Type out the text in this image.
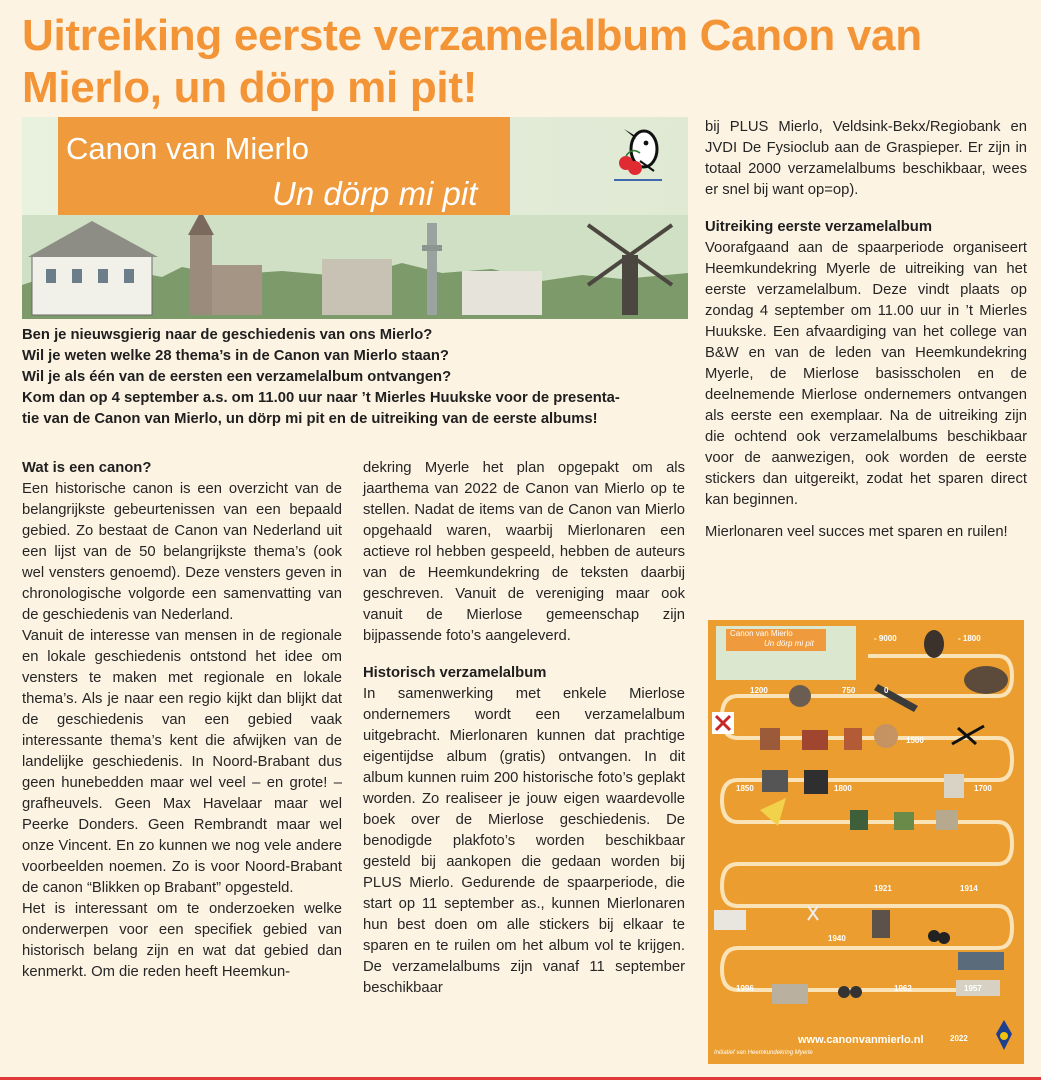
Uitreiking eerste verzamelalbum Canon van
Mierlo, un dörp mi pit!
Canon van Mierlo
Un dörp mi pit

Ben je nieuwsgierig naar de geschiedenis van ons Mierlo?

Wil je weten welke 28 thema’s in de Canon van Mierlo staan?

Wil je als één van de eersten een verzamelalbum ontvangen?

Kom dan op 4 september a.s. om 11.00 uur naar ’t Mierles Huukske voor de presenta-

tie van de Canon van Mierlo, un dörp mi pit en de uitreiking van de eerste albums!

Wat is een canon?

Een historische canon is een overzicht van de belangrijkste gebeurtenissen van een bepaald gebied. Zo bestaat de Canon van Nederland uit een lijst van de 50 belangrijkste thema’s (ook wel vensters genoemd). Deze vensters geven in chronologische volgorde een samenvatting van de geschiedenis van Nederland.

Vanuit de interesse van mensen in de regionale en lokale geschiedenis ontstond het idee om vensters te maken met regionale en lokale thema’s. Als je naar een regio kijkt dan blijkt dat de geschiedenis van een gebied vaak interessante thema’s kent die afwijken van de landelijke geschiedenis. In Noord-Brabant dus geen hunebedden maar wel veel – en grote! – grafheuvels. Geen Max Havelaar maar wel Peerke Donders. Geen Rembrandt maar wel onze Vincent. En zo kunnen we nog vele andere voorbeelden noemen. Zo is voor Noord-Brabant de canon “Blikken op Brabant” opgesteld.

Het is interessant om te onderzoeken welke onderwerpen voor een specifiek gebied van historisch belang zijn en wat dat gebied dan kenmerkt. Om die reden heeft Heemkun-

dekring Myerle het plan opgepakt om als jaarthema van 2022 de Canon van Mierlo op te stellen. Nadat de items van de Canon van Mierlo opgehaald waren, waarbij Mierlonaren een actieve rol hebben gespeeld, hebben de auteurs van de Heemkundekring de teksten daarbij geschreven. Vanuit de vereniging maar ook vanuit de Mierlose gemeenschap zijn bijpassende foto’s aangeleverd.

Historisch verzamelalbum

In samenwerking met enkele Mierlose ondernemers wordt een verzamelalbum uitgebracht. Mierlonaren kunnen dat prachtige eigentijdse album (gratis) ontvangen. In dit album kunnen ruim 200 historische foto’s geplakt worden. Zo realiseer je jouw eigen waardevolle boek over de Mierlose geschiedenis. De benodigde plakfoto’s worden beschikbaar gesteld bij aankopen die gedaan worden bij PLUS Mierlo. Gedurende de spaarperiode, die start op 11 september as., kunnen Mierlonaren hun best doen om alle stickers bij elkaar te sparen en te ruilen om het album vol te krijgen. De verzamelalbums zijn vanaf 11 september beschikbaar

bij PLUS Mierlo, Veldsink-Bekx/Regiobank en JVDI De Fysioclub aan de Graspieper. Er zijn in totaal 2000 verzamelalbums beschikbaar, wees er snel bij want op=op).

Uitreiking eerste verzamelalbum

Voorafgaand aan de spaarperiode organiseert Heemkundekring Myerle de uitreiking van het eerste verzamelalbum. Deze vindt plaats op zondag 4 september om 11.00 uur in ’t Mierles Huukske. Een afvaardiging van het college van B&W en van de leden van Heemkundekring Myerle, de Mierlose basisscholen en de deelnemende Mierlose ondernemers ontvangen als eerste een exemplaar. Na de uitreiking zijn die ochtend ook verzamelalbums beschikbaar voor de aanwezigen, ook worden de eerste stickers dan uitgereikt, zodat het sparen direct kan beginnen.

Mierlonaren veel succes met sparen en ruilen!

Canon van Mierlo
Un dörp mi pit
- 9000	- 1800
1200	750	0
1500
1850	1800	1700
1921	1914
1940
1996	1962	1957
2022
www.canonvanmierlo.nl
Initiatief van Heemkundekring Myerle
